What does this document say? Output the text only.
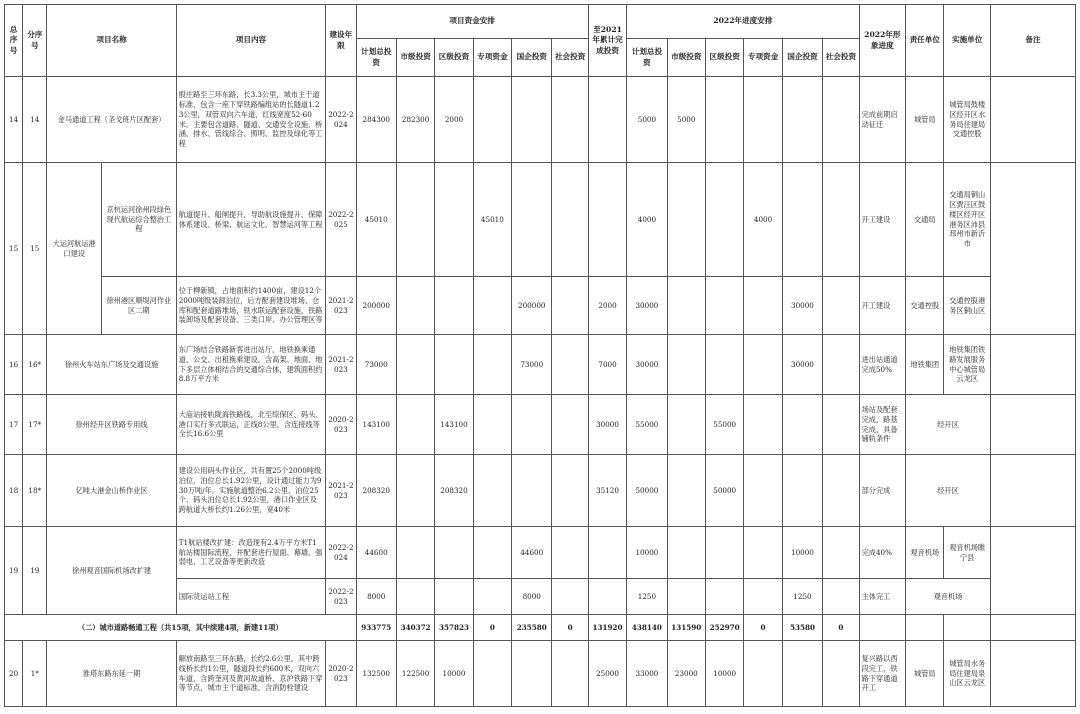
总序号	分序号	项目名称		项目内容	建设年限	项目资金安排						至2021年累计完成投资	2022年进度安排						2022年形象进度	责任单位	实施单位	备注
						计划总投资	市级投资	区级投资	专项资金	国企投资	社会投资		计划总投资	市级投资	区级投资	专项资金	国企投资	社会投资				
14	14	金马通道工程（圣戈班片区配套）		殷庄路至三环东路，长3.3公里，城市主干道标准，包含一座下穿铁路编组站的长隧道1.23公里，双管双向六车道，红线宽度52-60米。主要包含道路、隧道、交通安全设施、桥涵、排水、管线综合、照明、监控及绿化等工程	2022-2024	284300	282300	2000					5000	5000					完成前期启动征迁	城管局	城管局鼓楼区经开区水务局住建局交通控股	
15	15	大运河航运港口建设	京杭运河徐州段绿色现代航运综合整治工程	航道提升、船闸提升、导助航设施提升、保障体系建设、桥梁、航运文化、智慧运河等工程	2022-2025	45010			45010				4000			4000			开工建设	交通局	交通局铜山区贾汪区鼓楼区经开区港务区沛县邳州市新沂市	
			徐州港区顺堤河作业区二期	位于柳新镇，占地面积约1400亩，建设12个2000吨级装卸泊位，后方配套建设堆场、仓库和配套道路堆场，铁水联运配套设施，铁路装卸场及配套设备、三类口岸、办公管理区等	2021-2023	200000				200000		2000	30000				30000		开工建设	交通控股	交通控股港务区铜山区	
16	16*	徐州火车站东广场及交通设施		东广场结合铁路新客进出站厅，地铁换乘通道、公交、出租换乘建设，含高架、地面、地下多层立体相结合的交通综合体，建筑面积约8.8万平方米	2021-2023	73000				73000		7000	30000				30000		进出站通道完成50%	地铁集团	地铁集团铁路发展服务中心城管局云龙区	
17	17*	徐州经开区铁路专用线		大庙站接轨陇海铁路线，北至综保区、码头、港口实行多式联运，正线8公里，含连接线等全长16.6公里	2020-2023	143100		143100				30000	55000		55000				场站及配套完成，路基完成，具备铺轨条件	经开区		
18	18*	亿吨大港金山桥作业区		建设公用码头作业区，共有置25个2000吨级泊位，泊位总长1.92公里，设计通过能力为930万吨/年。实施航道整治6.2公里、泊位25个、码头泊位总长1.92公里，港口作业区及跨航道大桥长约1.26公里，宽40米	2021-2023	208320		208320				35120	50000		50000				部分完成	经开区		
19	19	徐州观音国际机场改扩建		T1航站楼改扩建：改造现有2.4万平方米T1航站楼国际流程，并配套进行屋面、幕墙、强弱电、工艺设备等更新改造	2022-2024	44600				44600			10000				10000		完成40%	观音机场	观音机场睢宁县	
				国际货运站工程	2022-2023	8000				8000			1250				1250		主体完工	观音机场		
（二）城市道路畅通工程（共15项，其中续建4项，新建11项）						933775	340372	357823	0	235580	0	131920	438140	131590	252970	0	53580	0				
20	1*	淮塔东路东延一期		解放南路至三环东路，长约2.6公里，其中跨线桥长约1公里，隧道段长约600米，双向六车道，含跨奎河及黄河故道桥、京沪铁路下穿等节点，城市主干道标准，含消防栓建设	2020-2023	132500	122500	10000				25000	33000	23000	10000				复兴路以西段完工，铁路下穿通道开工	城管局	城管局水务局住建局泉山区云龙区	
